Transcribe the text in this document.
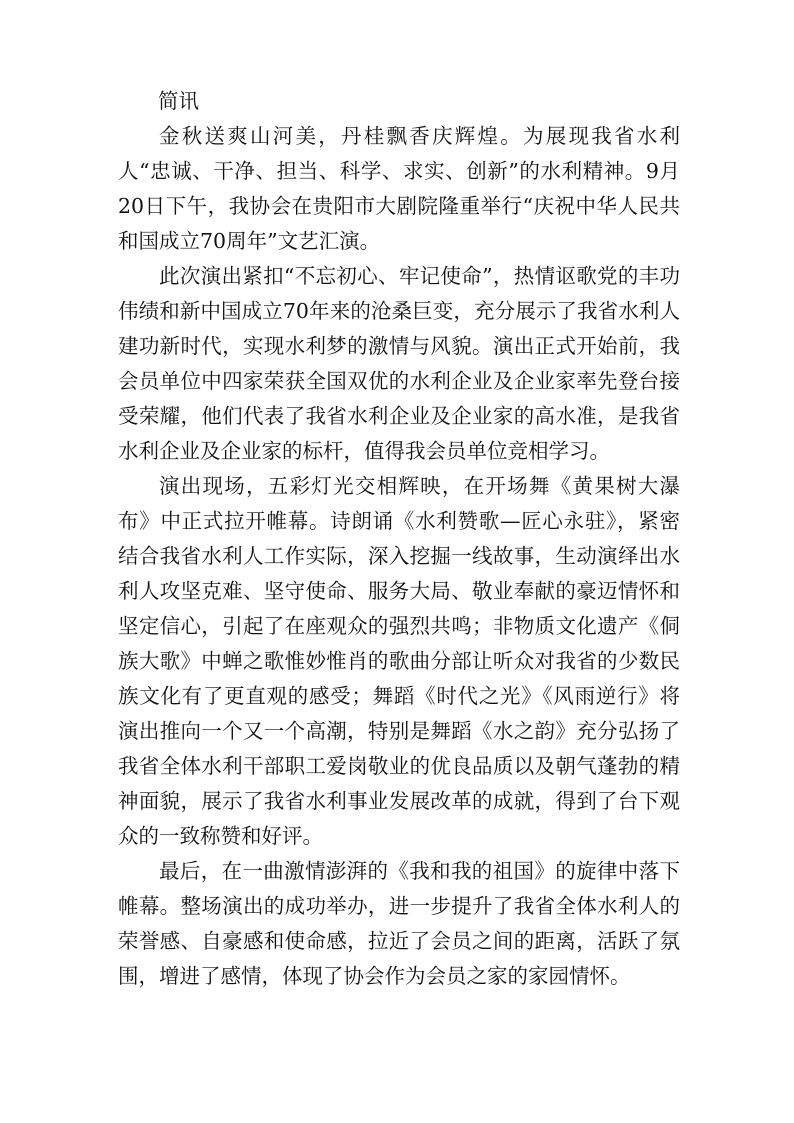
简讯

金秋送爽山河美，丹桂飘香庆辉煌。为展现我省水利人“忠诚、干净、担当、科学、求实、创新”的水利精神。9月20日下午，我协会在贵阳市大剧院隆重举行“庆祝中华人民共和国成立70周年”文艺汇演。

此次演出紧扣“不忘初心、牢记使命”，热情讴歌党的丰功伟绩和新中国成立70年来的沧桑巨变，充分展示了我省水利人建功新时代，实现水利梦的激情与风貌。演出正式开始前，我会员单位中四家荣获全国双优的水利企业及企业家率先登台接受荣耀，他们代表了我省水利企业及企业家的高水准，是我省水利企业及企业家的标杆，值得我会员单位竞相学习。

演出现场，五彩灯光交相辉映，在开场舞《黄果树大瀑布》中正式拉开帷幕。诗朗诵《水利赞歌—匠心永驻》，紧密结合我省水利人工作实际，深入挖掘一线故事，生动演绎出水利人攻坚克难、坚守使命、服务大局、敬业奉献的豪迈情怀和坚定信心，引起了在座观众的强烈共鸣；非物质文化遗产《侗族大歌》中蝉之歌惟妙惟肖的歌曲分部让听众对我省的少数民族文化有了更直观的感受；舞蹈《时代之光》《风雨逆行》将演出推向一个又一个高潮，特别是舞蹈《水之韵》充分弘扬了我省全体水利干部职工爱岗敬业的优良品质以及朝气蓬勃的精神面貌，展示了我省水利事业发展改革的成就，得到了台下观众的一致称赞和好评。

最后，在一曲激情澎湃的《我和我的祖国》的旋律中落下帷幕。整场演出的成功举办，进一步提升了我省全体水利人的荣誉感、自豪感和使命感，拉近了会员之间的距离，活跃了氛围，增进了感情，体现了协会作为会员之家的家园情怀。
